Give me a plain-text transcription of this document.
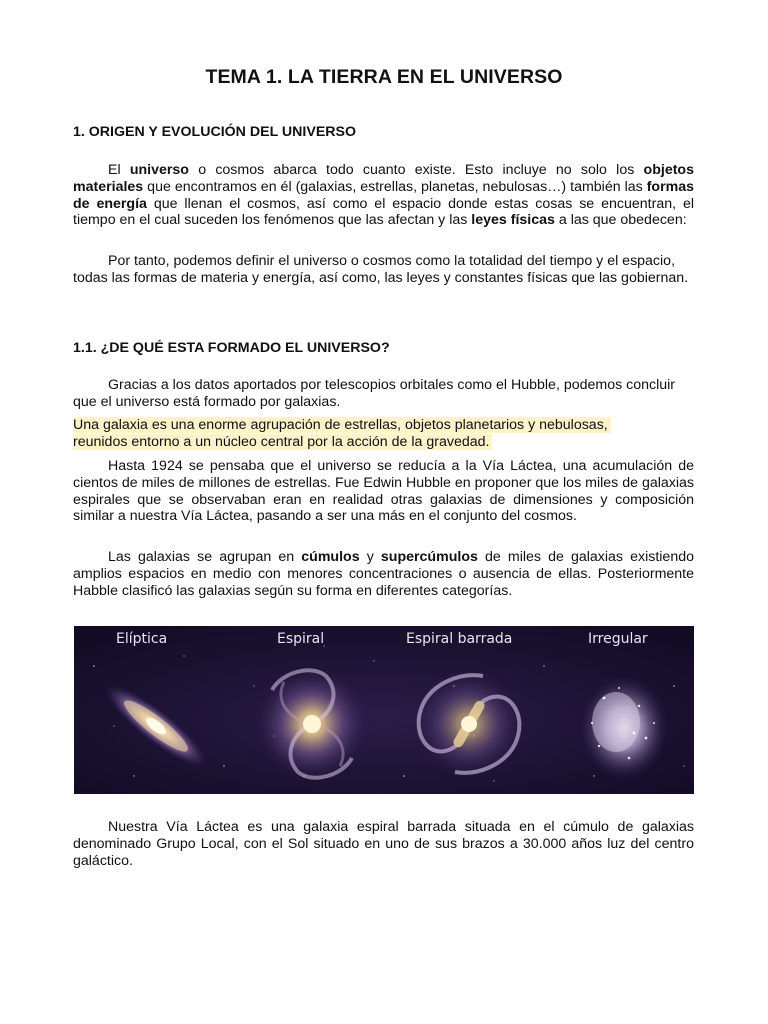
TEMA 1. LA TIERRA EN EL UNIVERSO
1. ORIGEN Y EVOLUCIÓN DEL UNIVERSO
El universo o cosmos abarca todo cuanto existe. Esto incluye no solo los objetos materiales que encontramos en él (galaxias, estrellas, planetas, nebulosas…) también las formas de energía que llenan el cosmos, así como el espacio donde estas cosas se encuentran, el tiempo en el cual suceden los fenómenos que las afectan y las leyes físicas a las que obedecen:
Por tanto, podemos definir el universo o cosmos como la totalidad del tiempo y el espacio, todas las formas de materia y energía, así como, las leyes y constantes físicas que las gobiernan.
1.1. ¿DE QUÉ ESTA FORMADO EL UNIVERSO?
Gracias a los datos aportados por telescopios orbitales como el Hubble, podemos concluir que el universo está formado por galaxias.
Una galaxia es una enorme agrupación de estrellas, objetos planetarios y nebulosas,
reunidos entorno a un núcleo central por la acción de la gravedad.
Hasta 1924 se pensaba que el universo se reducía a la Vía Láctea, una acumulación de cientos de miles de millones de estrellas. Fue Edwin Hubble en proponer que los miles de galaxias espirales que se observaban eran en realidad otras galaxias de dimensiones y composición similar a nuestra Vía Láctea, pasando a ser una más en el conjunto del cosmos.
Las galaxias se agrupan en cúmulos y supercúmulos de miles de galaxias existiendo amplios espacios en medio con menores concentraciones o ausencia de ellas. Posteriormente Habble clasificó las galaxias según su forma en diferentes categorías.
Elíptica	Espiral	Espiral barrada	Irregular
Nuestra Vía Láctea es una galaxia espiral barrada situada en el cúmulo de galaxias denominado Grupo Local, con el Sol situado en uno de sus brazos a 30.000 años luz del centro galáctico.
